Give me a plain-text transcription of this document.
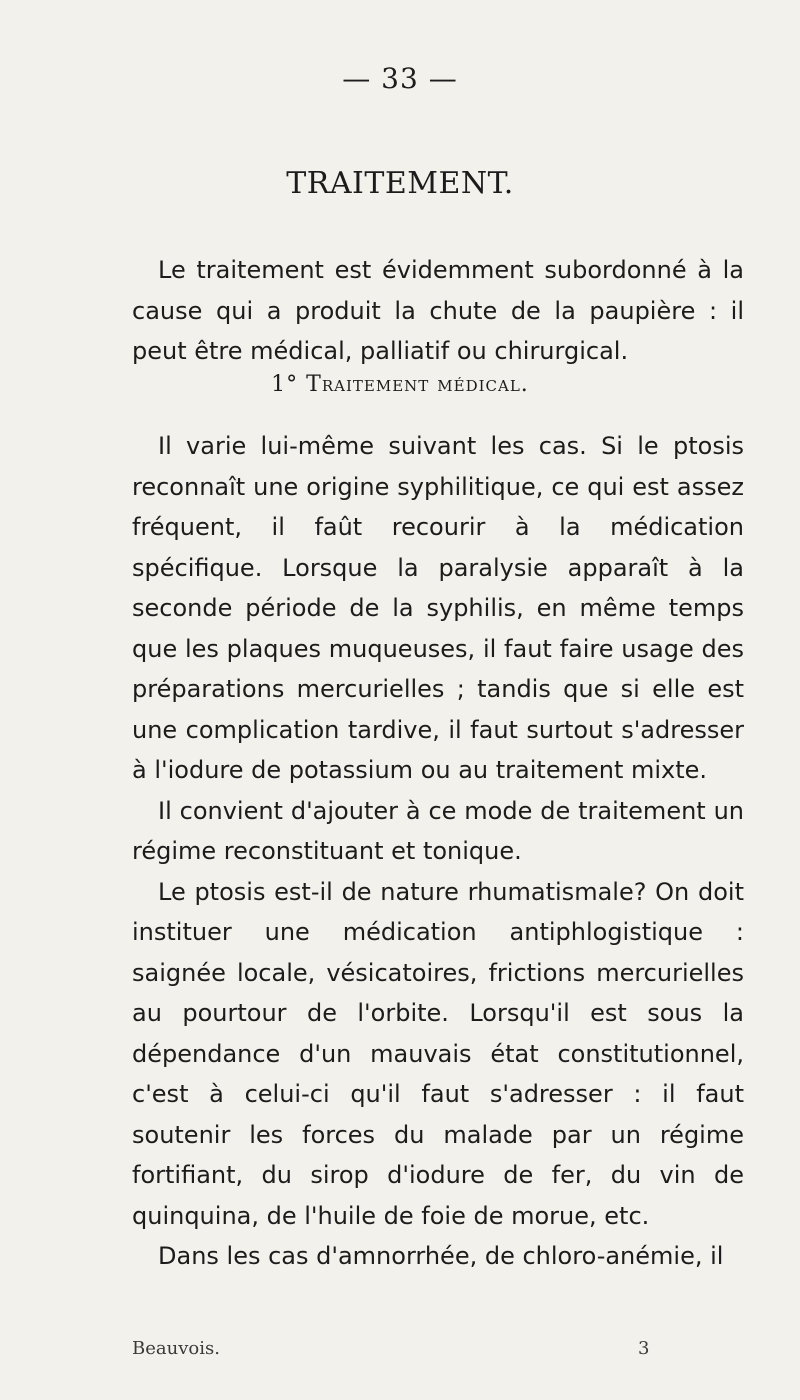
— 33 —
TRAITEMENT.

Le traitement est évidemment subordonné à la cause qui a produit la chute de la paupière : il peut être médical, palliatif ou chirurgical.

1° Traitement médical.

Il varie lui-même suivant les cas. Si le ptosis reconnaît une origine syphilitique, ce qui est assez fréquent, il faût recourir à la médication spécifique. Lorsque la paralysie apparaît à la seconde période de la syphilis, en même temps que les plaques muqueuses, il faut faire usage des préparations mercurielles ; tandis que si elle est une complication tardive, il faut surtout s'adresser à l'iodure de potassium ou au traitement mixte.

Il convient d'ajouter à ce mode de traitement un régime reconstituant et tonique.

Le ptosis est-il de nature rhumatismale? On doit instituer une médication antiphlogistique : saignée locale, vésicatoires, frictions mercurielles au pourtour de l'orbite. Lorsqu'il est sous la dépendance d'un mauvais état constitutionnel, c'est à celui-ci qu'il faut s'adresser : il faut soutenir les forces du malade par un régime fortifiant, du sirop d'iodure de fer, du vin de quinquina, de l'huile de foie de morue, etc.

Dans les cas d'amnorrhée, de chloro-anémie, il

Beauvois.	3
